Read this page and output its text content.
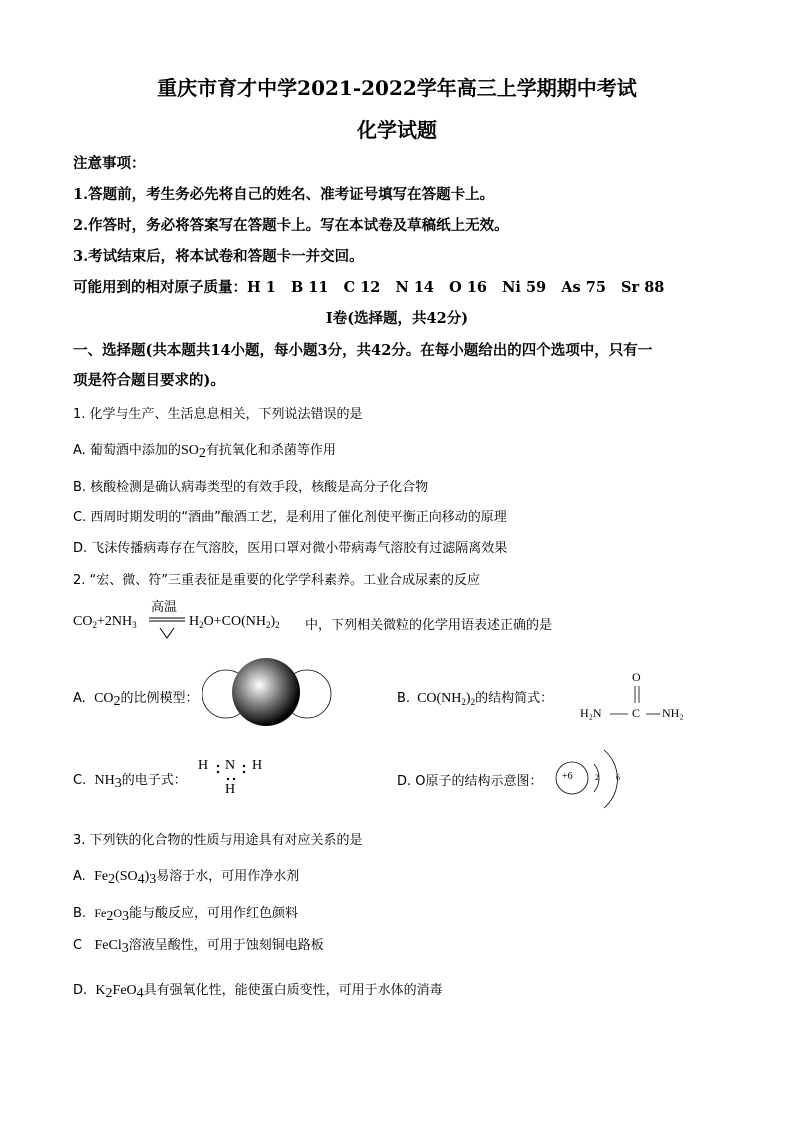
重庆市育才中学2021-2022学年高三上学期期中考试
化学试题
注意事项：
1.答题前，考生务必先将自己的姓名、准考证号填写在答题卡上。
2.作答时，务必将答案写在答题卡上。写在本试卷及草稿纸上无效。
3.考试结束后，将本试卷和答题卡一并交回。
可能用到的相对原子质量：H 1   B 11   C 12   N 14   O 16   Ni 59   As 75   Sr 88
Ⅰ卷(选择题，共42分)
一、选择题(共本题共14小题，每小题3分，共42分。在每小题给出的四个选项中，只有一
项是符合题目要求的)。
1. 化学与生产、生活息息相关，下列说法错误的是
A. 葡萄酒中添加的$SO_2$有抗氧化和杀菌等作用
B. 核酸检测是确认病毒类型的有效手段，核酸是高分子化合物
C. 西周时期发明的“酒曲”酿酒工艺，是利用了催化剂使平衡正向移动的原理
D. 飞沫传播病毒存在气溶胶，医用口罩对微小带病毒气溶胶有过滤隔离效果
2. “宏、微、符”三重表征是重要的化学学科素养。工业合成尿素的反应
$CO_2+2NH_3$
高温
$H_2O+CO(NH_2)_2$ 中，下列相关微粒的化学用语表述正确的是
A. $CO_2$的比例模型：	B. $CO(NH_2)_2$的结构简式：
O
C
H₂N	NH₂
C. $NH_3$的电子式：
H N H
H
D. O原子的结构示意图： +6	2 6
3. 下列铁的化合物的性质与用途具有对应关系的是
A. $Fe_2(SO_4)_3$易溶于水，可用作净水剂
B. $Fe_2O_3$能与酸反应，可用作红色颜料
C FeCl$_3$溶液呈酸性，可用于蚀刻铜电路板
D. $K_2FeO_4$具有强氧化性，能使蛋白质变性，可用于水体的消毒
